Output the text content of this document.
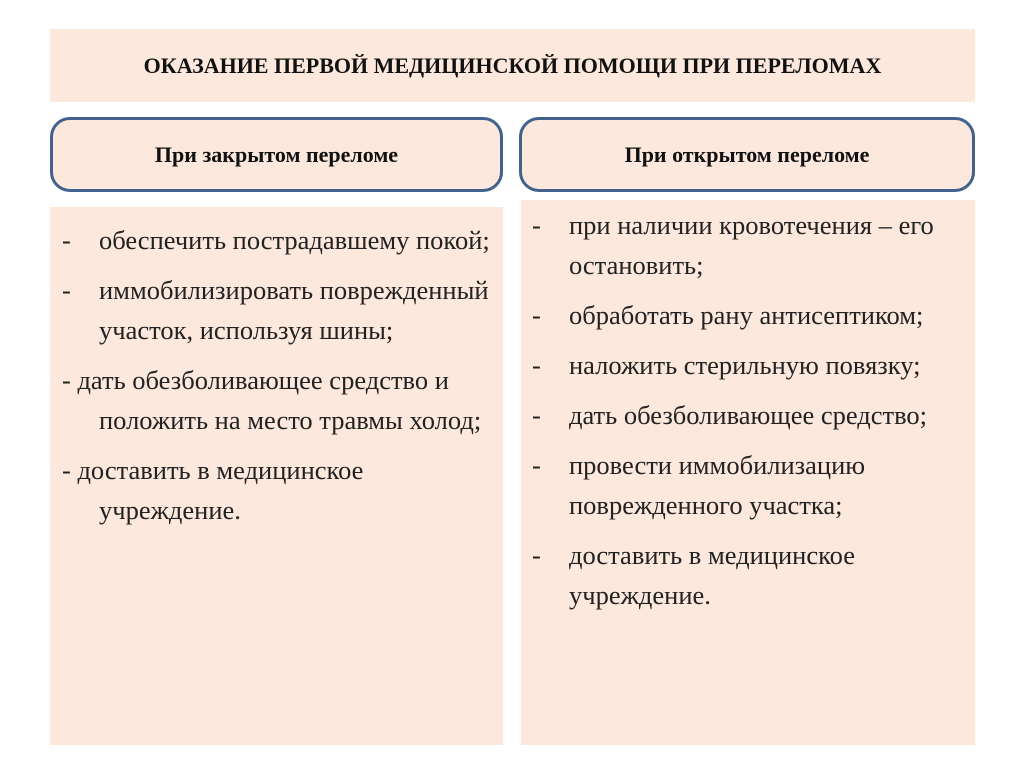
ОКАЗАНИЕ ПЕРВОЙ МЕДИЦИНСКОЙ ПОМОЩИ ПРИ ПЕРЕЛОМАХ
При закрытом переломе	При открытом переломе
- обеспечить пострадавшему покой;
- иммобилизировать поврежденный участок, используя шины;
- дать обезболивающее средство и положить на место травмы холод;
- доставить в медицинское учреждение.
- при наличии кровотечения – его остановить;
- обработать рану антисептиком;
- наложить стерильную повязку;
- дать обезболивающее средство;
- провести иммобилизацию поврежденного участка;
- доставить в медицинское учреждение.
